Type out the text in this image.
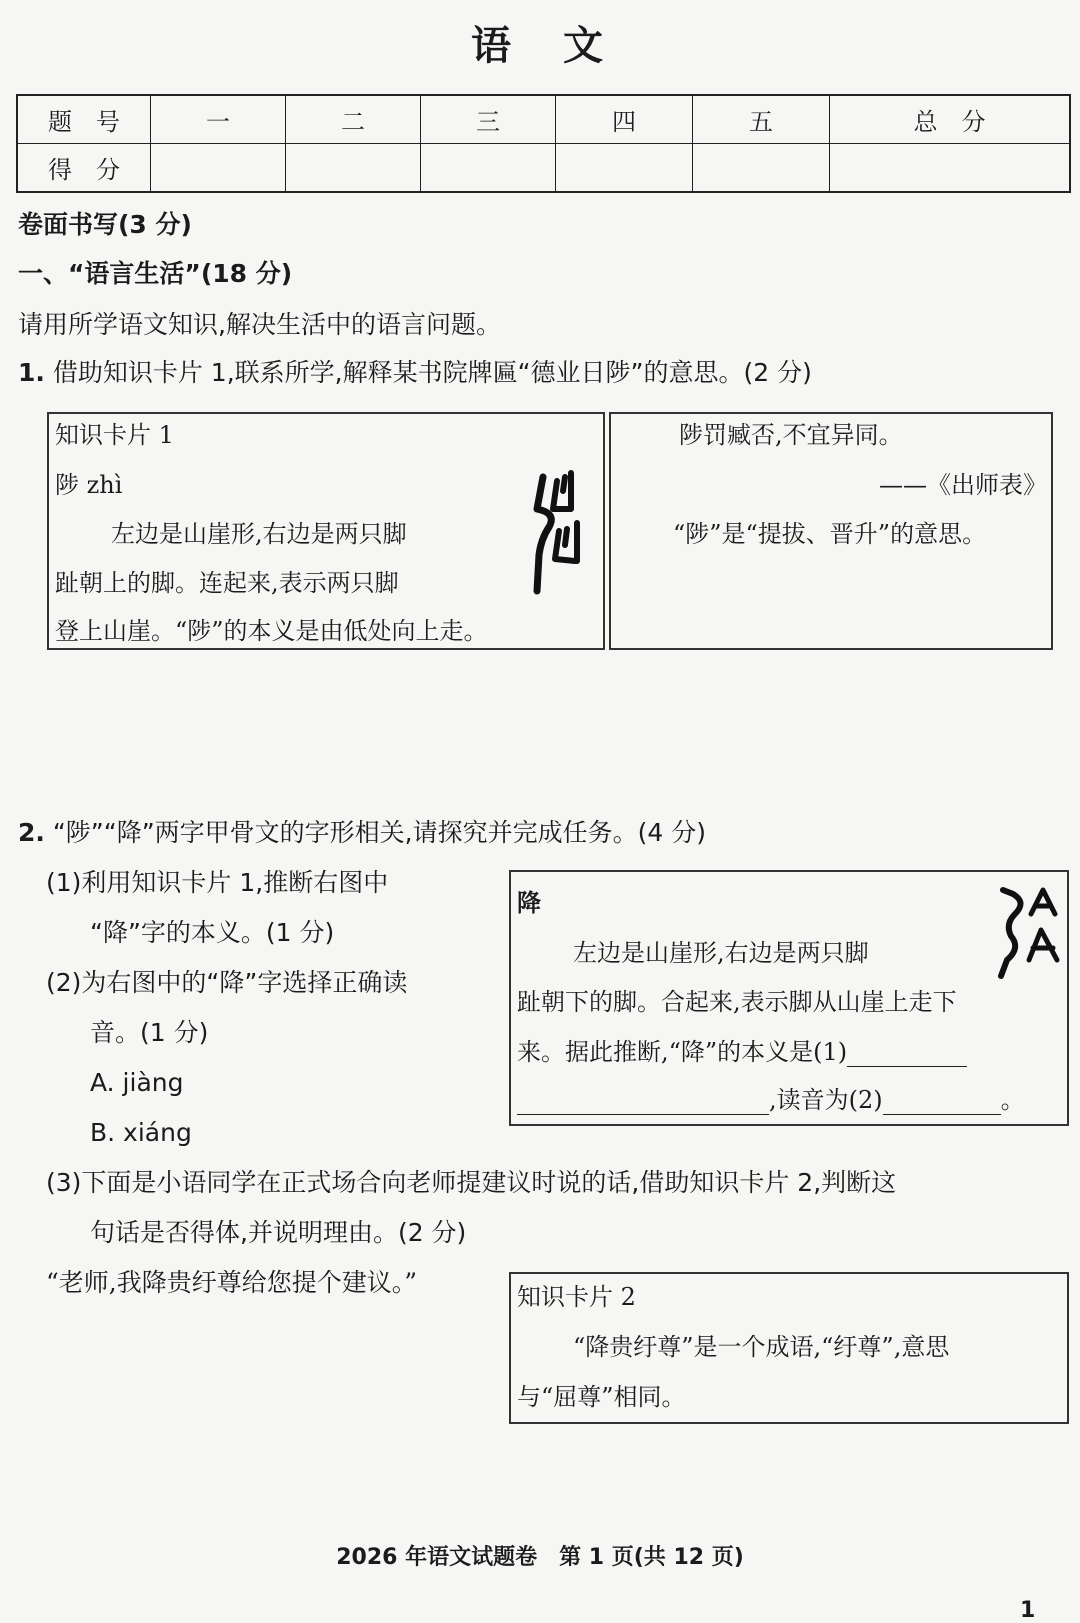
语　文
题　号	一	二	三	四	五	总　分
得　分						
卷面书写(3 分)
一、“语言生活”(18 分)
请用所学语文知识,解决生活中的语言问题。
1. 借助知识卡片 1,联系所学,解释某书院牌匾“德业日陟”的意思。(2 分)
知识卡片 1
陟 zhì
左边是山崖形,右边是两只脚
趾朝上的脚。连起来,表示两只脚
登上山崖。“陟”的本义是由低处向上走。
陟罚臧否,不宜异同。
——《出师表》
“陟”是“提拔、晋升”的意思。
2. “陟”“降”两字甲骨文的字形相关,请探究并完成任务。(4 分)
(1)利用知识卡片 1,推断右图中
“降”字的本义。(1 分)
(2)为右图中的“降”字选择正确读
音。(1 分)
A. jiàng
B. xiáng
(3)下面是小语同学在正式场合向老师提建议时说的话,借助知识卡片 2,判断这
句话是否得体,并说明理由。(2 分)
“老师,我降贵纡尊给您提个建议。”
降
左边是山崖形,右边是两只脚
趾朝下的脚。合起来,表示脚从山崖上走下
来。据此推断,“降”的本义是(1)
,读音为(2)	。
知识卡片 2
“降贵纡尊”是一个成语,“纡尊”,意思
与“屈尊”相同。
2026 年语文试题卷　第 1 页(共 12 页)
1
